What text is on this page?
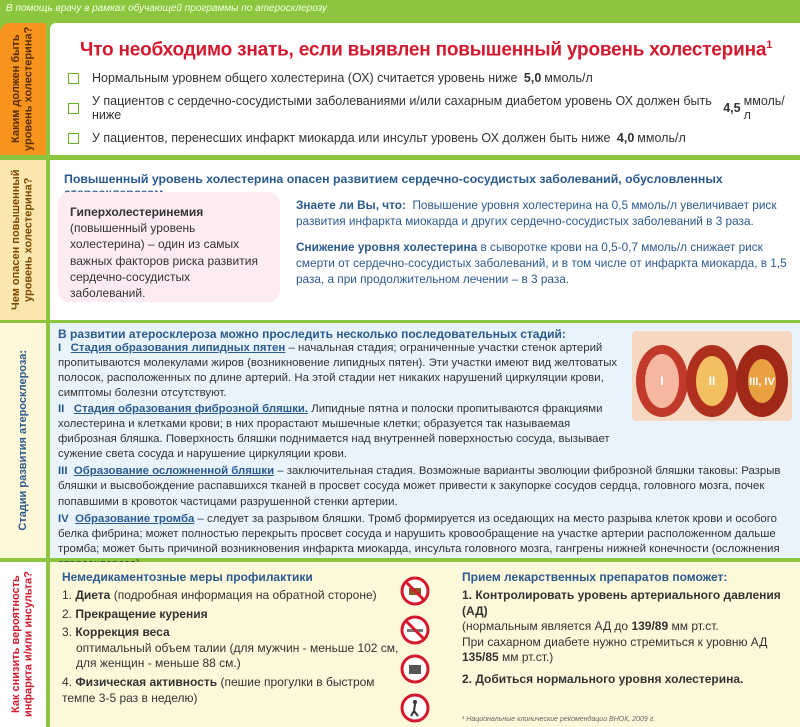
В помощь врачу в рамках обучающей программы по атеросклерозу
Каким должен быть уровень холестерина? Что необходимо знать, если выявлен повышенный уровень холестерина$^1$
Нормальным уровнем общего холестерина (ОХ) считается уровень ниже
5,0 ммоль/л
У пациентов с сердечно-сосудистыми заболеваниями и/или сахарным диабетом уровень ОХ должен быть ниже
	4,5 ммоль/л
У пациентов, перенесших инфаркт миокарда или инсульт уровень ОХ должен быть ниже
4,0 ммоль/л
Чем опасен повышенный уровень холестерина? Повышенный уровень холестерина опасен развитием сердечно-сосудистых заболеваний, обусловленных
Гиперхолестеринемия
(повышенный уровень холестерина) – один из самых важных факторов риска развития сердечно-сосудистых заболеваний.

Знаете ли Вы, что: Повышение уровня холестерина на 0,5 ммоль/л увеличивает риск развития инфаркта миокарда и других сердечно-сосудистых заболеваний в 3 раза.

Снижение уровня холестерина в сыворотке крови на 0,5-0,7 ммоль/л снижает риск смерти от сердечно-сосудистых заболеваний, и в том числе от инфаркта миокарда, в 1,5 раза, а при продолжительном лечении – в 3 раза.

Стадии развития атеросклероза:
В развитии атеросклероза можно проследить несколько последовательных стадий:
I Стадия образования липидных пятен – начальная стадия; ограниченные участки стенок артерий пропитываются молекулами жиров (возникновение липидных пятен). Эти участки имеют вид желтоватых полосок, расположенных по длине артерий. На этой стадии нет никаких нарушений циркуляции крови, симптомы болезни отсутствуют.
II Стадия образования фиброзной бляшки. Липидные пятна и полоски пропитываются фракциями холестерина и клетками крови; в них прорастают мышечные клетки; образуется так называемая фиброзная бляшка. Поверхность бляшки поднимается над внутренней поверхностью сосуда, вызывает сужение света сосуда и нарушение циркуляции крови.
III Образование осложненной бляшки – заключительная стадия. Возможные варианты эволюции фиброзной бляшки таковы: Разрыв бляшки и высвобождение распавшихся тканей в просвет сосуда может привести к закупорке сосудов сердца, головного мозга, почек попавшими в кровоток частицами разрушенной стенки артерии.
IV Образование тромба – следует за разрывом бляшки. Тромб формируется из оседающих на место разрыва клеток крови и особого белка фибрина; может полностью перекрыть просвет сосуда и нарушить кровообращение на участке артерии расположенном дальше тромба; может быть причиной возникновения инфаркта миокарда, инсульта головного мозга, гангрены нижней конечности (осложнения
I	II	III, IV
Как снизить вероятность инфаркта и/или инсульта? Немедикаментозные меры профилактики
1. Диета (подробная информация на обратной стороне)
2. Прекращение курения
3. Коррекция веса
оптимальный объем талии (для мужчин - меньше 102 см, для женщин - меньше 88 см.)
4. Физическая активность (пешие прогулки в быстром темпе 3-5 раз в неделю)

Прием лекарственных препаратов поможет:
1. Контролировать уровень артериального давления (АД)
(нормальным является АД до 139/89 мм рт.ст.
При сахарном диабете нужно стремиться к уровню АД 135/85 мм рт.ст.)
2. Добиться нормального уровня холестерина.
¹ Национальные клинические рекомендации ВНОК, 2009 г.
